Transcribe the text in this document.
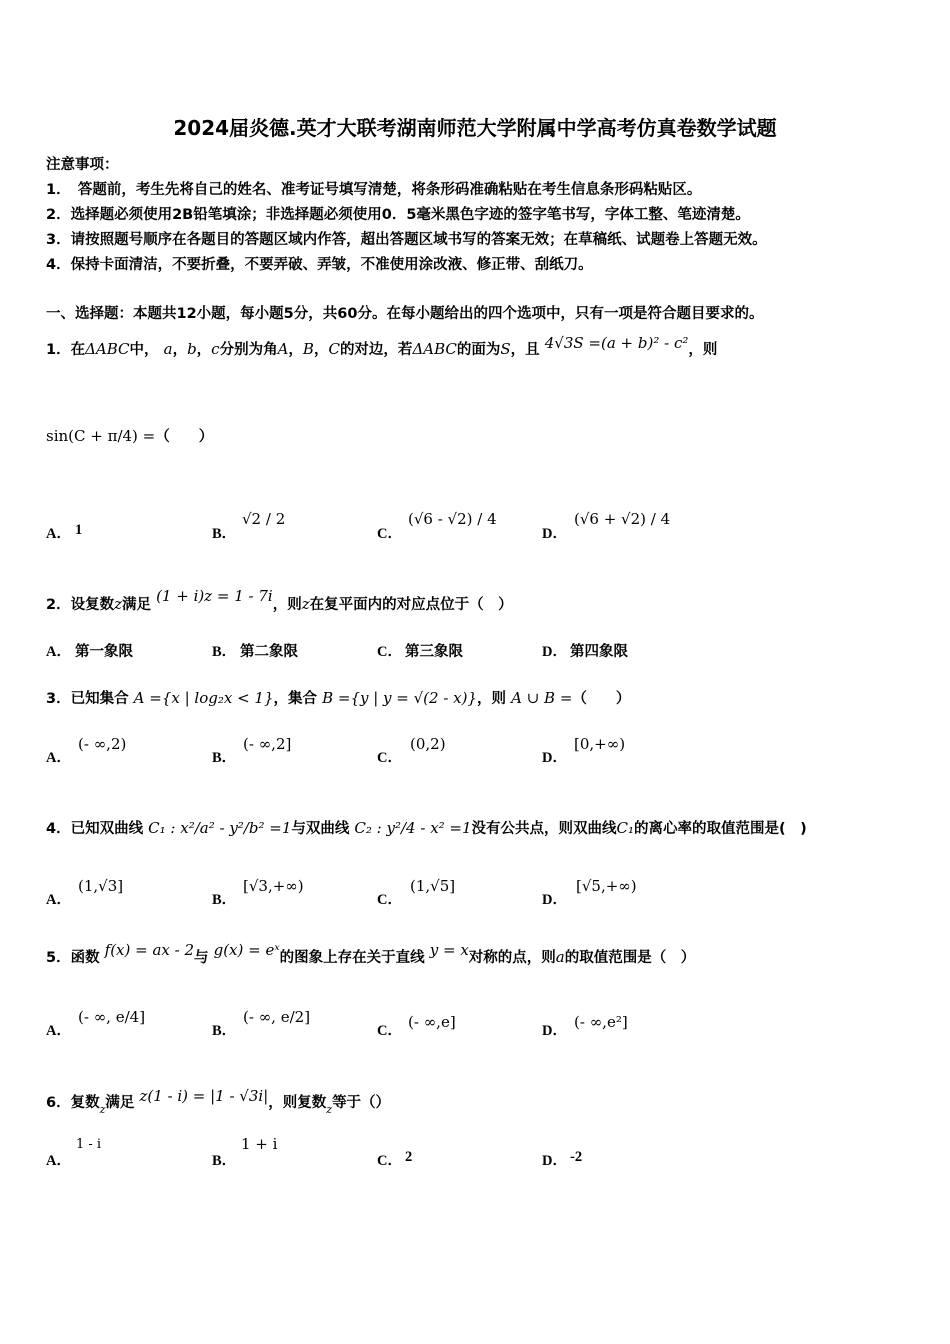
2024届炎德.英才大联考湖南师范大学附属中学高考仿真卷数学试题
注意事项：
1．　答题前，考生先将自己的姓名、准考证号填写清楚，将条形码准确粘贴在考生信息条形码粘贴区。
2．选择题必须使用2B铅笔填涂；非选择题必须使用0．5毫米黑色字迹的签字笔书写，字体工整、笔迹清楚。
3．请按照题号顺序在各题目的答题区域内作答，超出答题区域书写的答案无效；在草稿纸、试题卷上答题无效。
4．保持卡面清洁，不要折叠，不要弄破、弄皱，不准使用涂改液、修正带、刮纸刀。
一、选择题：本题共12小题，每小题5分，共60分。在每小题给出的四个选项中，只有一项是符合题目要求的。
1．在ΔABC中， a，b，c分别为角A，B，C的对边，若ΔABC的面为S，且 4√3S =(a + b)² - c²，则
sin(C + π/4) =（　　）
A． 1	B．
√2 / 2
C．
(√6 - √2) / 4
D．
(√6 + √2) / 4
2．设复数z满足 (1 + i)z = 1 - 7i，则z在复平面内的对应点位于（　）
A． 第一象限	B． 第二象限	C． 第三象限	D． 第四象限
3．已知集合 A ={x | log₂x < 1}，集合 B ={y | y = √(2 - x)}，则 A ∪ B =（　　）
A．
(- ∞,2)
B．
(- ∞,2]
C．
(0,2)
D．
[0,+∞)
4．已知双曲线 C₁ : x²/a² - y²/b² =1与双曲线 C₂ : y²/4 - x² =1没有公共点，则双曲线C₁的离心率的取值范围是(　)
A．
(1,√3]
B．
[√3,+∞)
C．
(1,√5]
D．
[√5,+∞)
5．函数 f(x) = ax - 2与 g(x) = eˣ的图象上存在关于直线 y = x对称的点，则a的取值范围是（　）
A．
(- ∞, e/4]
B．
(- ∞, e/2]
C． (- ∞,e]	D． (- ∞,e²]
6．复数$_z$满足 z(1 - i) = |1 - √3i|，则复数$_z$等于（）
A．
1 - i
B．
1 + i
C． 2	D． -2
